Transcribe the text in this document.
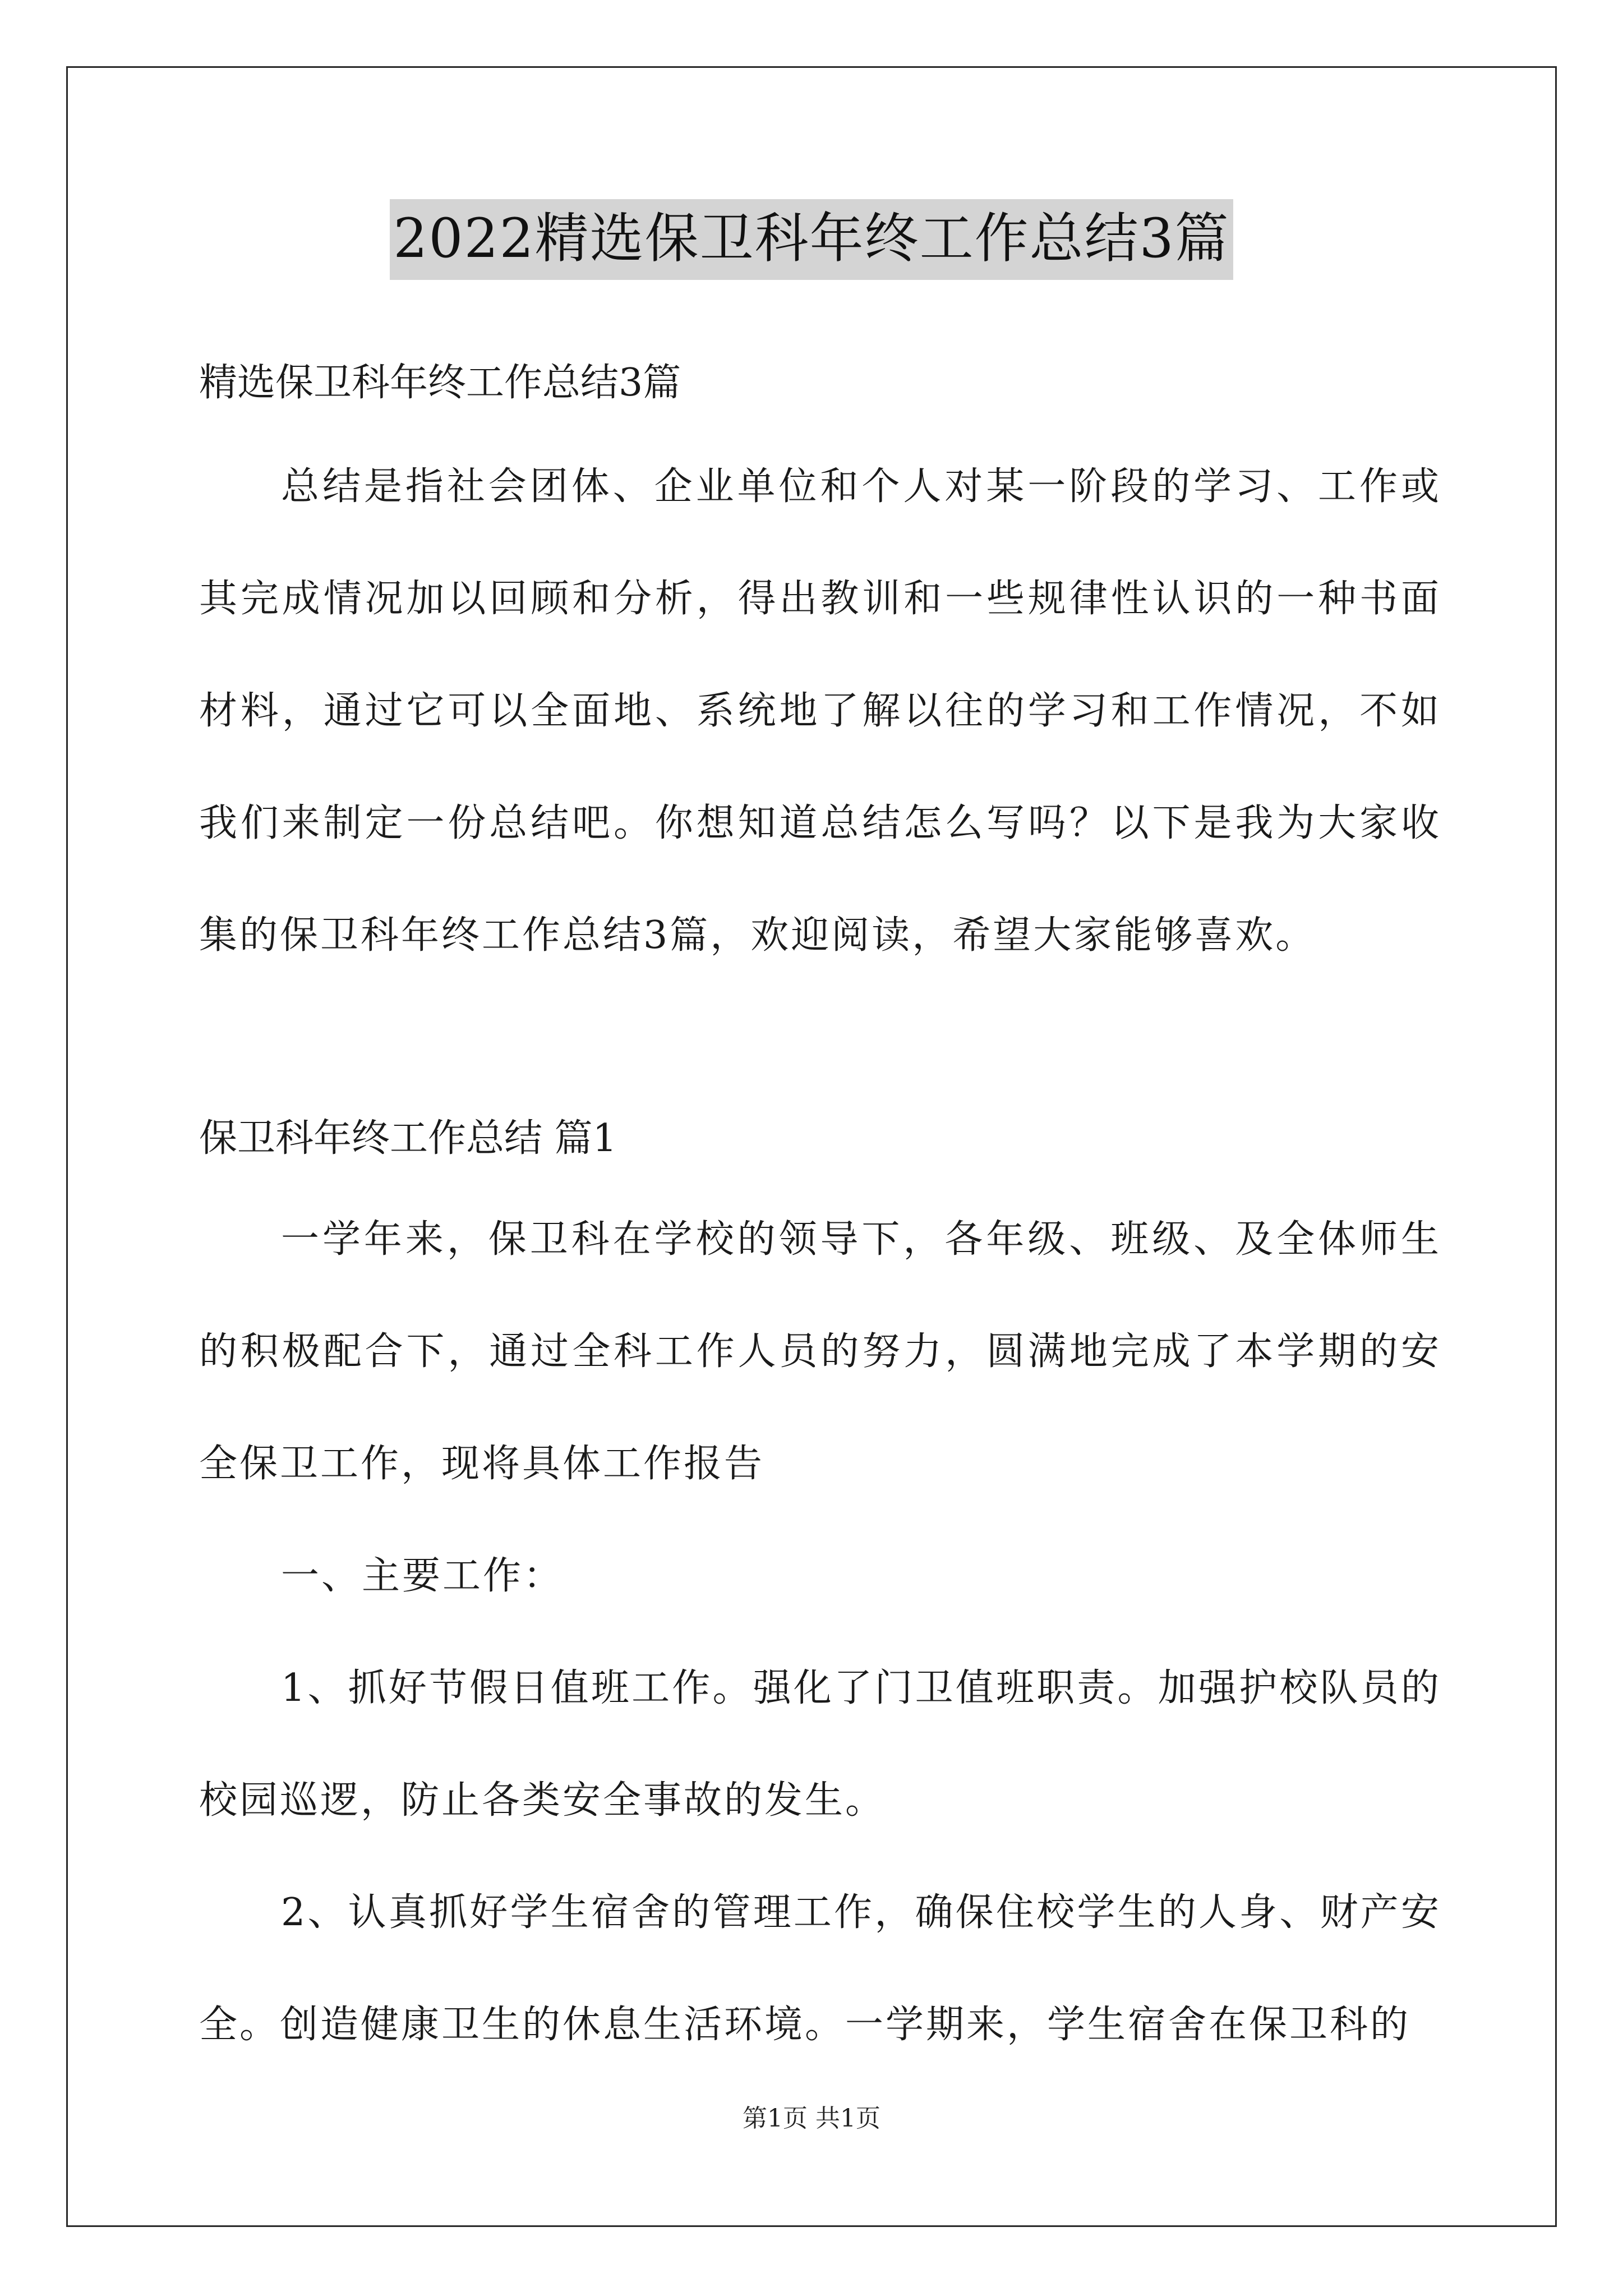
2022精选保卫科年终工作总结3篇
精选保卫科年终工作总结3篇

总结是指社会团体、企业单位和个人对某一阶段的学习、工作或其完成情况加以回顾和分析，得出教训和一些规律性认识的一种书面材料，通过它可以全面地、系统地了解以往的学习和工作情况，不如我们来制定一份总结吧。你想知道总结怎么写吗？以下是我为大家收集的保卫科年终工作总结3篇，欢迎阅读，希望大家能够喜欢。

保卫科年终工作总结 篇1

一学年来，保卫科在学校的领导下，各年级、班级、及全体师生的积极配合下，通过全科工作人员的努力，圆满地完成了本学期的安全保卫工作，现将具体工作报告

一、主要工作：

1、抓好节假日值班工作。强化了门卫值班职责。加强护校队员的校园巡逻，防止各类安全事故的发生。

2、认真抓好学生宿舍的管理工作，确保住校学生的人身、财产安全。创造健康卫生的休息生活环境。一学期来，学生宿舍在保卫科的

第1页 共1页
